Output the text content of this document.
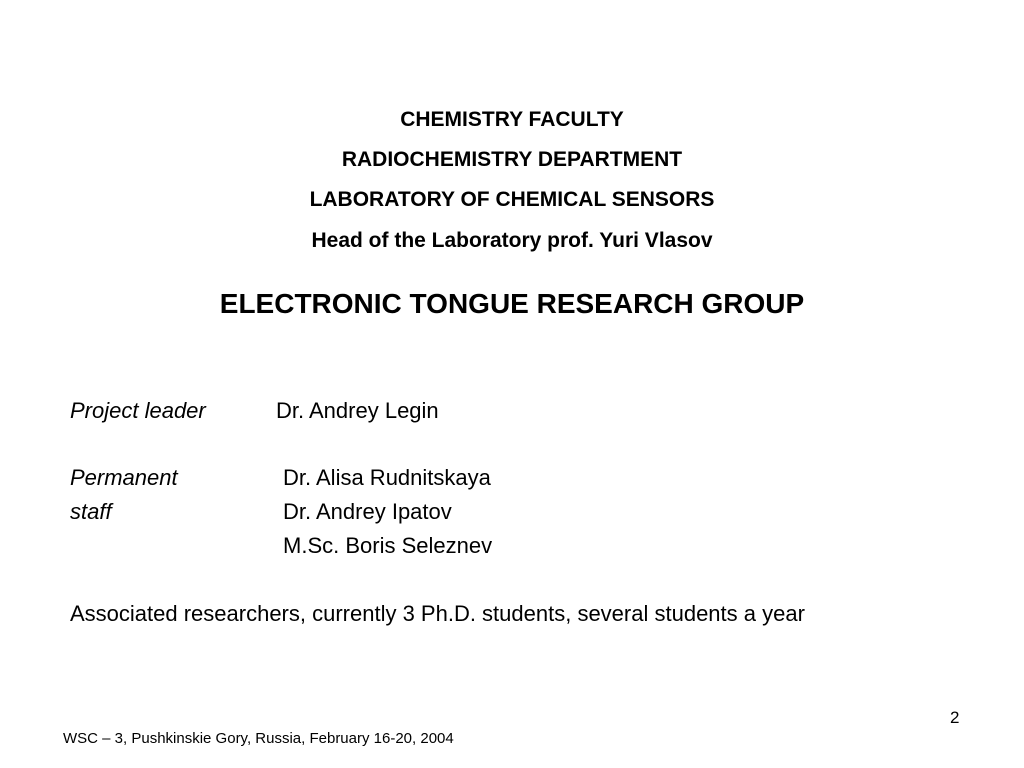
CHEMISTRY FACULTY
RADIOCHEMISTRY DEPARTMENT
LABORATORY OF CHEMICAL SENSORS
Head of the Laboratory prof. Yuri Vlasov
ELECTRONIC TONGUE RESEARCH GROUP
Project leader	Dr. Andrey Legin
Permanent
staff
Dr. Alisa Rudnitskaya
Dr. Andrey Ipatov
M.Sc. Boris Seleznev
Associated researchers, currently 3 Ph.D. students, several students a year
2
WSC – 3, Pushkinskie Gory, Russia, February 16-20, 2004
